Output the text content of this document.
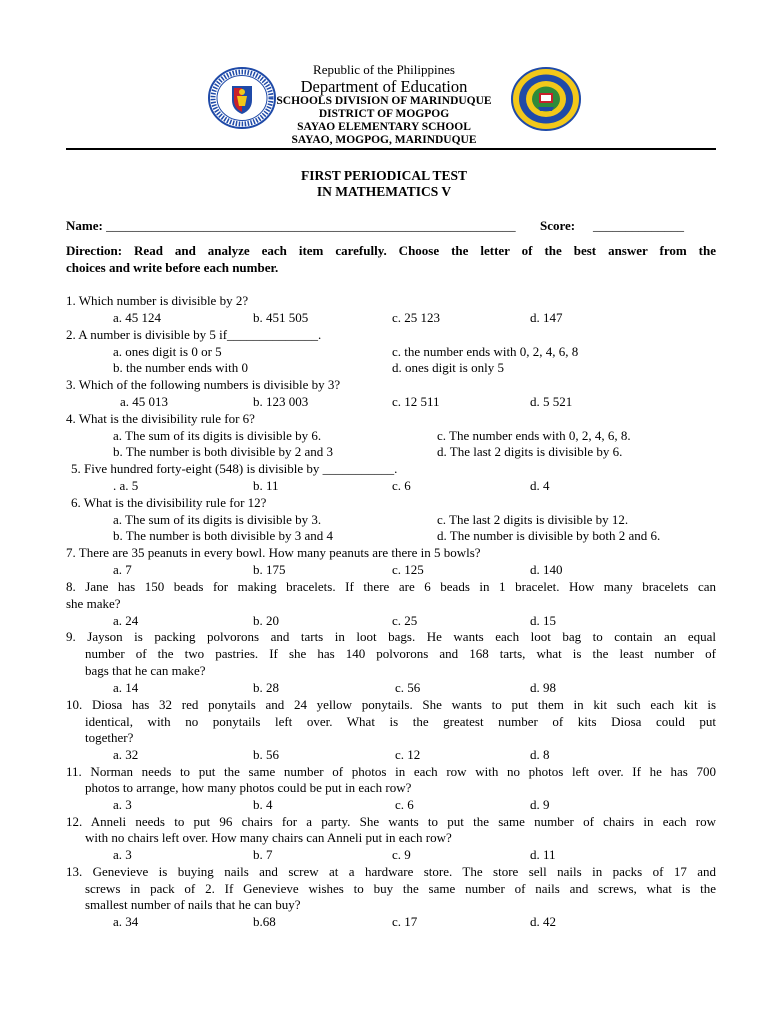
Republic of the Philippines
Department of Education
SCHOOLS DIVISION OF MARINDUQUE
DISTRICT OF MOGPOG
SAYAO ELEMENTARY SCHOOL
SAYAO, MOGPOG, MARINDUQUE
FIRST PERIODICAL TEST
IN MATHEMATICS V
Name: _______________________________________________________________ Score: ______________
Direction: Read and analyze each item carefully. Choose the letter of the best answer from the
choices and write before each number.
1. Which number is divisible by 2?
a. 45 124	b. 451 505	c. 25 123	d. 147
2. A number is divisible by 5 if______________.
a. ones digit is 0 or 5	c. the number ends with 0, 2, 4, 6, 8
b. the number ends with 0	d. ones digit is only 5
3. Which of the following numbers is divisible by 3?
a. 45 013	b. 123 003	c. 12 511	d. 5 521
4. What is the divisibility rule for 6?
a. The sum of its digits is divisible by 6.	c. The number ends with 0, 2, 4, 6, 8.
b. The number is both divisible by 2 and 3	d. The last 2 digits is divisible by 6.
5. Five hundred forty-eight (548) is divisible by ___________.
. a. 5	b. 11	c. 6	d. 4
6. What is the divisibility rule for 12?
a. The sum of its digits is divisible by 3.	c. The last 2 digits is divisible by 12.
b. The number is both divisible by 3 and 4	d. The number is divisible by both 2 and 6.
7. There are 35 peanuts in every bowl. How many peanuts are there in 5 bowls?
a. 7	b. 175	c. 125	d. 140
8. Jane has 150 beads for making bracelets. If there are 6 beads in 1 bracelet. How many bracelets can
she make?
a. 24	b. 20	c. 25	d. 15
9. Jayson is packing polvorons and tarts in loot bags. He wants each loot bag to contain an equal
number of the two pastries. If she has 140 polvorons and 168 tarts, what is the least number of
bags that he can make?
a. 14	b. 28	c. 56	d. 98
10. Diosa has 32 red ponytails and 24 yellow ponytails. She wants to put them in kit such each kit is
identical, with no ponytails left over. What is the greatest number of kits Diosa could put
together?
a. 32	b. 56	c. 12	d. 8
11. Norman needs to put the same number of photos in each row with no photos left over. If he has 700
photos to arrange, how many photos could be put in each row?
a. 3	b. 4	c. 6	d. 9
12. Anneli needs to put 96 chairs for a party. She wants to put the same number of chairs in each row
with no chairs left over. How many chairs can Anneli put in each row?
a. 3	b. 7	c. 9	d. 11
13. Genevieve is buying nails and screw at a hardware store. The store sell nails in packs of 17 and
screws in pack of 2. If Genevieve wishes to buy the same number of nails and screws, what is the
smallest number of nails that he can buy?
a. 34	b.68	c. 17	d. 42
